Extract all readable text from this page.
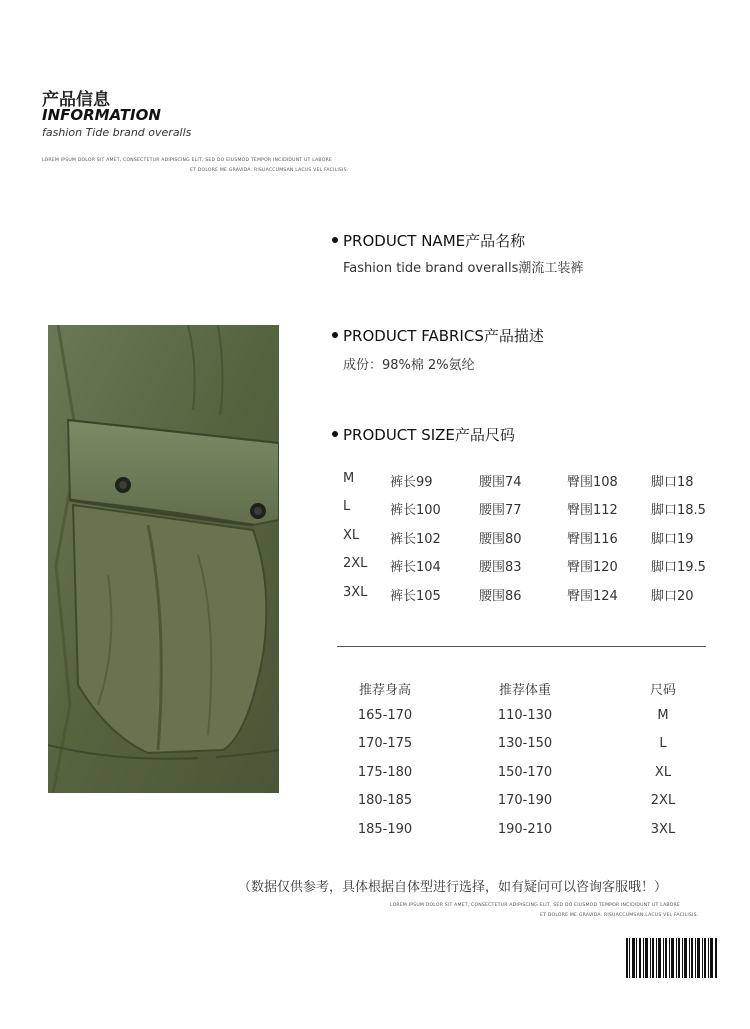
产品信息
INFORMATION
fashion Tide brand overalls
LOREM IPSUM DOLOR SIT AMET, CONSECTETUR ADIPISCING ELIT, SED DO EIUSMOD TEMPOR INCIDIDUNT UT LABORE
ET DOLORE ME GRAVIDA. RISUACCUMSAN LACUS VEL FACILISIS.
PRODUCT NAME产品名称
Fashion tide brand overalls潮流工装裤
PRODUCT FABRICS产品描述
成份：98%棉 2%氨纶
PRODUCT SIZE产品尺码
M	裤长99	腰围74	臀围108	脚口18
L	裤长100	腰围77	臀围112	脚口18.5
XL 裤长102	腰围80	臀围116	脚口19
2XL 裤长104	腰围83	臀围120	脚口19.5
3XL 裤长105	腰围86	臀围124	脚口20
推荐身高	推荐体重	尺码
165-170	110-130	M
170-175	130-150	L
175-180	150-170	XL
180-185	170-190	2XL
185-190	190-210	3XL
（数据仅供参考，具体根据自体型进行选择，如有疑问可以咨询客服哦！）
LOREM IPSUM DOLOR SIT AMET, CONSECTETUR ADIPISCING ELIT, SED DO EIUSMOD TEMPOR INCIDIDUNT UT LABORE
ET DOLORE ME GRAVIDA. RISUACCUMSAN LACUS VEL FACILISIS.
